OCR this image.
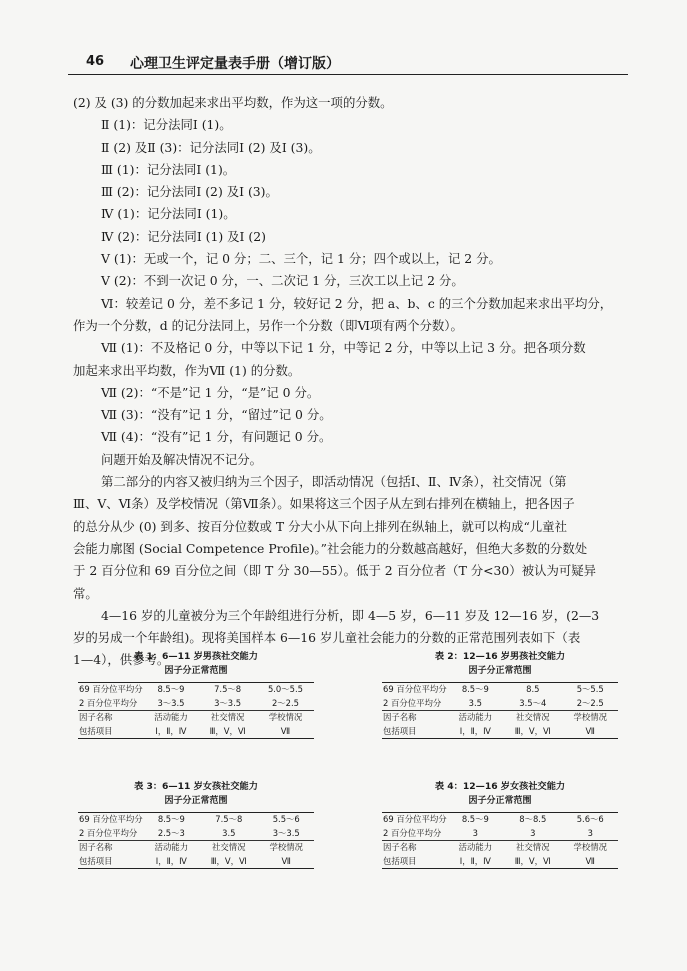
46 心理卫生评定量表手册（增订版）

(2) 及 (3) 的分数加起来求出平均数，作为这一项的分数。

Ⅱ (1)：记分法同Ⅰ (1)。

Ⅱ (2) 及Ⅱ (3)：记分法同Ⅰ (2) 及Ⅰ (3)。

Ⅲ (1)：记分法同Ⅰ (1)。

Ⅲ (2)：记分法同Ⅰ (2) 及Ⅰ (3)。

Ⅳ (1)：记分法同Ⅰ (1)。

Ⅳ (2)：记分法同Ⅰ (1) 及Ⅰ (2)

Ⅴ (1)：无或一个，记 0 分；二、三个，记 1 分；四个或以上，记 2 分。

Ⅴ (2)：不到一次记 0 分，一、二次记 1 分，三次工以上记 2 分。

Ⅵ：较差记 0 分，差不多记 1 分，较好记 2 分，把 a、b、c 的三个分数加起来求出平均分，

作为一个分数，d 的记分法同上，另作一个分数（即Ⅵ项有两个分数）。

Ⅶ (1)：不及格记 0 分，中等以下记 1 分，中等记 2 分，中等以上记 3 分。把各项分数

加起来求出平均数，作为Ⅶ (1) 的分数。

Ⅶ (2)：“不是”记 1 分，“是”记 0 分。

Ⅶ (3)：“没有”记 1 分，“留过”记 0 分。

Ⅶ (4)：“没有”记 1 分，有问题记 0 分。

问题开始及解决情况不记分。

第二部分的内容又被归纳为三个因子，即活动情况（包括Ⅰ、Ⅱ、Ⅳ条），社交情况（第

Ⅲ、Ⅴ、Ⅵ条）及学校情况（第Ⅶ条）。如果将这三个因子从左到右排列在横轴上，把各因子

的总分从少 (0) 到多、按百分位数或 T 分大小从下向上排列在纵轴上，就可以构成“儿童社

会能力廓图 (Social Competence Profile)。”社会能力的分数越高越好，但绝大多数的分数处

于 2 百分位和 69 百分位之间（即 T 分 30—55）。低于 2 百分位者（T 分<30）被认为可疑异

常。

4—16 岁的儿童被分为三个年龄组进行分析，即 4—5 岁，6—11 岁及 12—16 岁，(2—3

岁的另成一个年龄组)。现将美国样本 6—16 岁儿童社会能力的分数的正常范围列表如下（表

1—4），供参考。

表 1：6—11 岁男孩社交能力
因子分正常范围
69 百分位平均分	8.5～9	7.5～8	5.0～5.5
2 百分位平均分	3～3.5	3～3.5	2～2.5
因子名称	活动能力	社交情况	学校情况
包括项目	Ⅰ，Ⅱ，Ⅳ	Ⅲ，Ⅴ，Ⅵ	Ⅶ
表 2：12—16 岁男孩社交能力
因子分正常范围
69 百分位平均分	8.5～9	8.5	5～5.5
2 百分位平均分	3.5	3.5～4	2～2.5
因子名称	活动能力	社交情况	学校情况
包括项目	Ⅰ，Ⅱ，Ⅳ	Ⅲ，Ⅴ，Ⅵ	Ⅶ
表 3：6—11 岁女孩社交能力
因子分正常范围
69 百分位平均分	8.5～9	7.5～8	5.5～6
2 百分位平均分	2.5～3	3.5	3～3.5
因子名称	活动能力	社交情况	学校情况
包括项目	Ⅰ，Ⅱ，Ⅳ	Ⅲ，Ⅴ，Ⅵ	Ⅶ
表 4：12—16 岁女孩社交能力
因子分正常范围
69 百分位平均分	8.5～9	8～8.5	5.6～6
2 百分位平均分	3	3	3
因子名称	活动能力	社交情况	学校情况
包括项目	Ⅰ，Ⅱ，Ⅳ	Ⅲ，Ⅴ，Ⅵ	Ⅶ
